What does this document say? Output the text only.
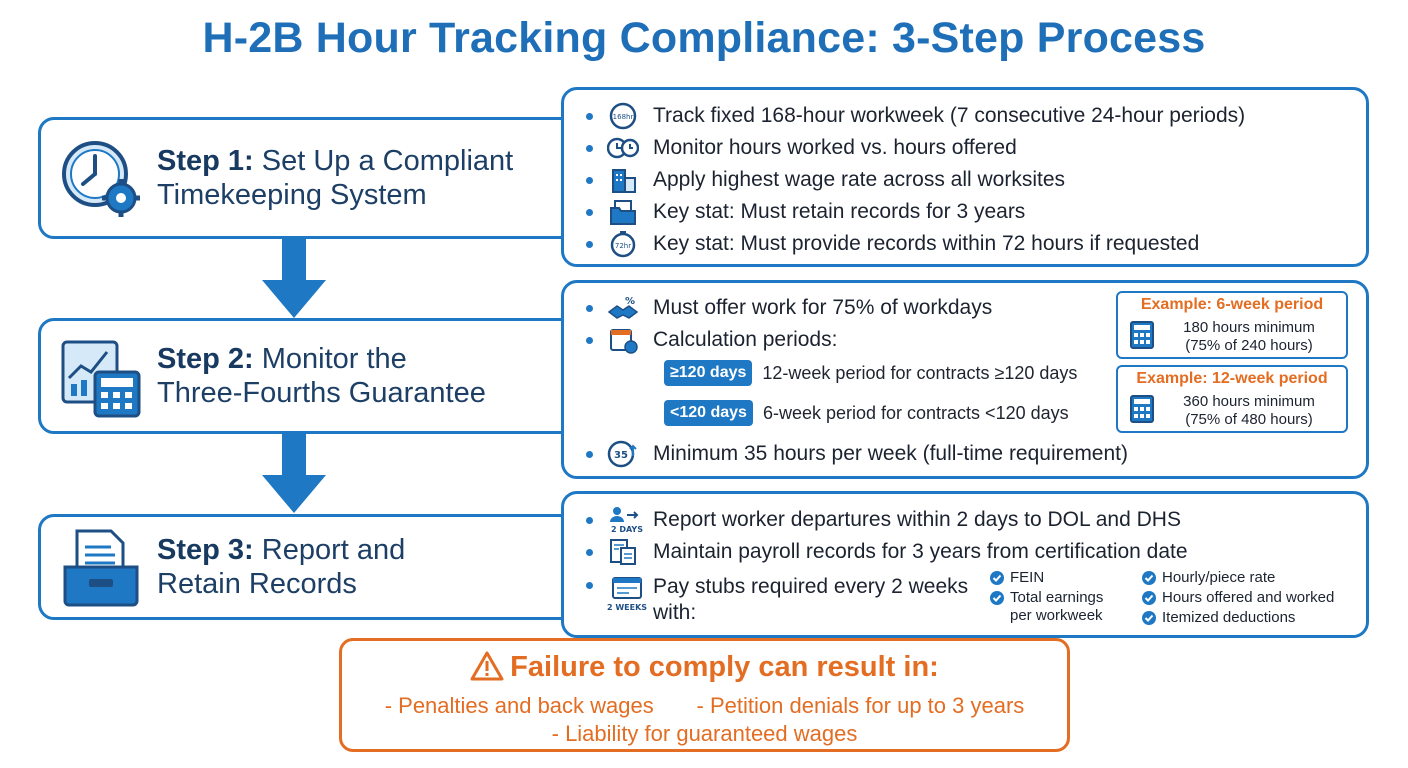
H-2B Hour Tracking Compliance: 3-Step Process
Step 1: Set Up a Compliant
Timekeeping System
Step 2: Monitor the
Three-Fourths Guarantee
Step 3: Report and
Retain Records
168hr Track fixed 168-hour workweek (7 consecutive 24-hour periods)
Monitor hours worked vs. hours offered
Apply highest wage rate across all worksites
Key stat: Must retain records for 3 years
72hr Key stat: Must provide records within 72 hours if requested
% Must offer work for 75% of workdays
Calculation periods:
≥120 days 12-week period for contracts ≥120 days
<120 days 6-week period for contracts <120 days
35 Minimum 35 hours per week (full-time requirement)
Example: 6-week period
180 hours minimum
(75% of 240 hours)
Example: 12-week period
360 hours minimum
(75% of 480 hours)
2 DAYS Report worker departures within 2 days to DOL and DHS
Maintain payroll records for 3 years from certification date
2 WEEKS
Pay stubs required every 2 weeks
with:
FEIN
Total earnings per workweek
Hourly/piece rate
Hours offered and worked
Itemized deductions
Failure to comply can result in:
- Penalties and back wages       - Petition denials for up to 3 years
- Liability for guaranteed wages
